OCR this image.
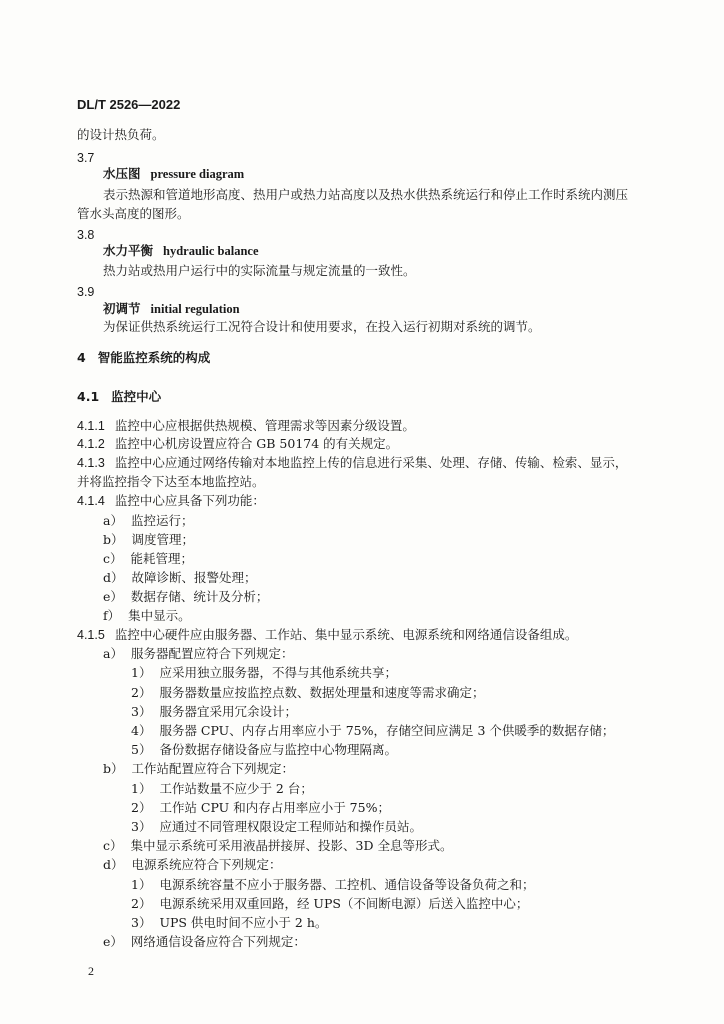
DL/T 2526—2022
的设计热负荷。
3.7
水压图 pressure diagram
表示热源和管道地形高度、热用户或热力站高度以及热水供热系统运行和停止工作时系统内测压
管水头高度的图形。
3.8
水力平衡 hydraulic balance
热力站或热用户运行中的实际流量与规定流量的一致性。
3.9
初调节 initial regulation
为保证供热系统运行工况符合设计和使用要求，在投入运行初期对系统的调节。
4 智能监控系统的构成
4.1 监控中心
4.1.1 监控中心应根据供热规模、管理需求等因素分级设置。
4.1.2 监控中心机房设置应符合 GB 50174 的有关规定。
4.1.3 监控中心应通过网络传输对本地监控上传的信息进行采集、处理、存储、传输、检索、显示，
并将监控指令下达至本地监控站。
4.1.4 监控中心应具备下列功能：
a） 监控运行；
b） 调度管理；
c） 能耗管理；
d） 故障诊断、报警处理；
e） 数据存储、统计及分析；
f） 集中显示。
4.1.5 监控中心硬件应由服务器、工作站、集中显示系统、电源系统和网络通信设备组成。
a） 服务器配置应符合下列规定：
1） 应采用独立服务器，不得与其他系统共享；
2） 服务器数量应按监控点数、数据处理量和速度等需求确定；
3） 服务器宜采用冗余设计；
4） 服务器 CPU、内存占用率应小于 75%，存储空间应满足 3 个供暖季的数据存储；
5） 备份数据存储设备应与监控中心物理隔离。
b） 工作站配置应符合下列规定：
1） 工作站数量不应少于 2 台；
2） 工作站 CPU 和内存占用率应小于 75%；
3） 应通过不同管理权限设定工程师站和操作员站。
c） 集中显示系统可采用液晶拼接屏、投影、3D 全息等形式。
d） 电源系统应符合下列规定：
1） 电源系统容量不应小于服务器、工控机、通信设备等设备负荷之和；
2） 电源系统采用双重回路，经 UPS（不间断电源）后送入监控中心；
3） UPS 供电时间不应小于 2 h。
e） 网络通信设备应符合下列规定：
2
